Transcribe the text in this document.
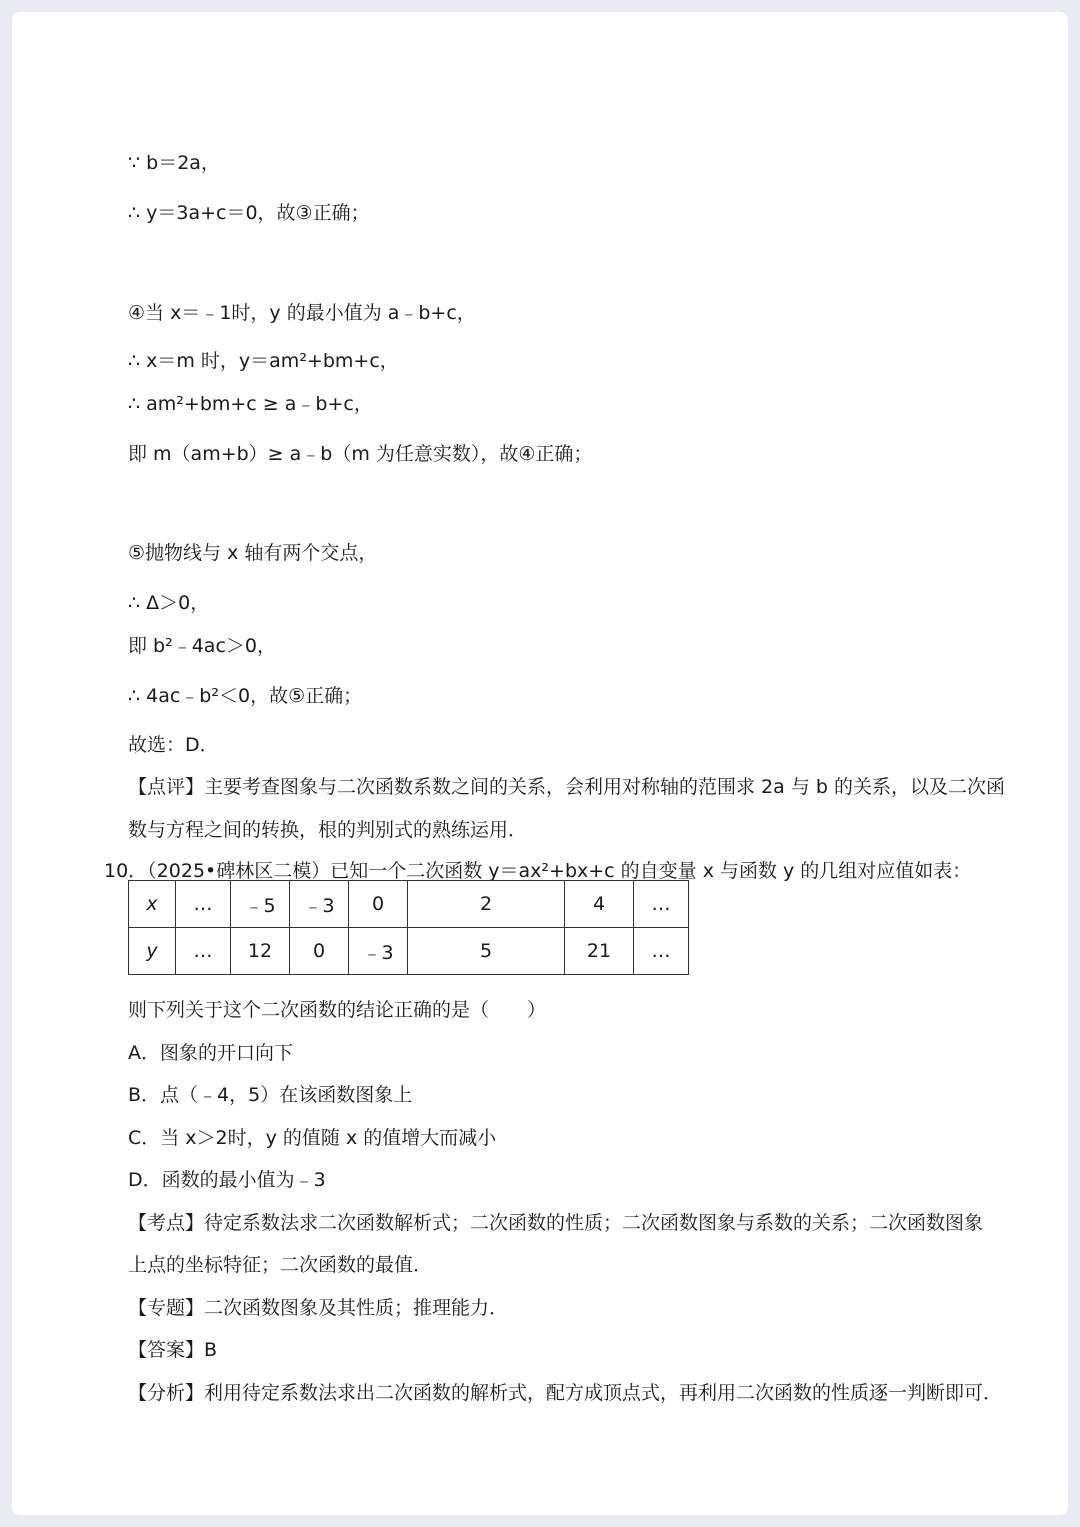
∵ b＝2a，
∴ y＝3a+c＝0，故③正确；
④当 x＝﹣1时，y 的最小值为 a﹣b+c，
∴ x＝m 时，y＝am²+bm+c，
∴ am²+bm+c ≥ a﹣b+c，
即 m（am+b）≥ a﹣b（m 为任意实数），故④正确；
⑤抛物线与 x 轴有两个交点，
∴ Δ＞0，
即 b²﹣4ac＞0，
∴ 4ac﹣b²＜0，故⑤正确；
故选：D．
【点评】主要考查图象与二次函数系数之间的关系，会利用对称轴的范围求 2a 与 b 的关系，以及二次函
数与方程之间的转换，根的判别式的熟练运用．
10．（2025•碑林区二模）已知一个二次函数 y＝ax²+bx+c 的自变量 x 与函数 y 的几组对应值如表：
x	…	﹣5	﹣3	0	2	4	…
y	…	12	0	﹣3	5	21	…
则下列关于这个二次函数的结论正确的是（　　）
A．图象的开口向下
B．点（﹣4，5）在该函数图象上
C．当 x＞2时，y 的值随 x 的值增大而减小
D．函数的最小值为﹣3
【考点】待定系数法求二次函数解析式；二次函数的性质；二次函数图象与系数的关系；二次函数图象
上点的坐标特征；二次函数的最值．
【专题】二次函数图象及其性质；推理能力．
【答案】B
【分析】利用待定系数法求出二次函数的解析式，配方成顶点式，再利用二次函数的性质逐一判断即可．
